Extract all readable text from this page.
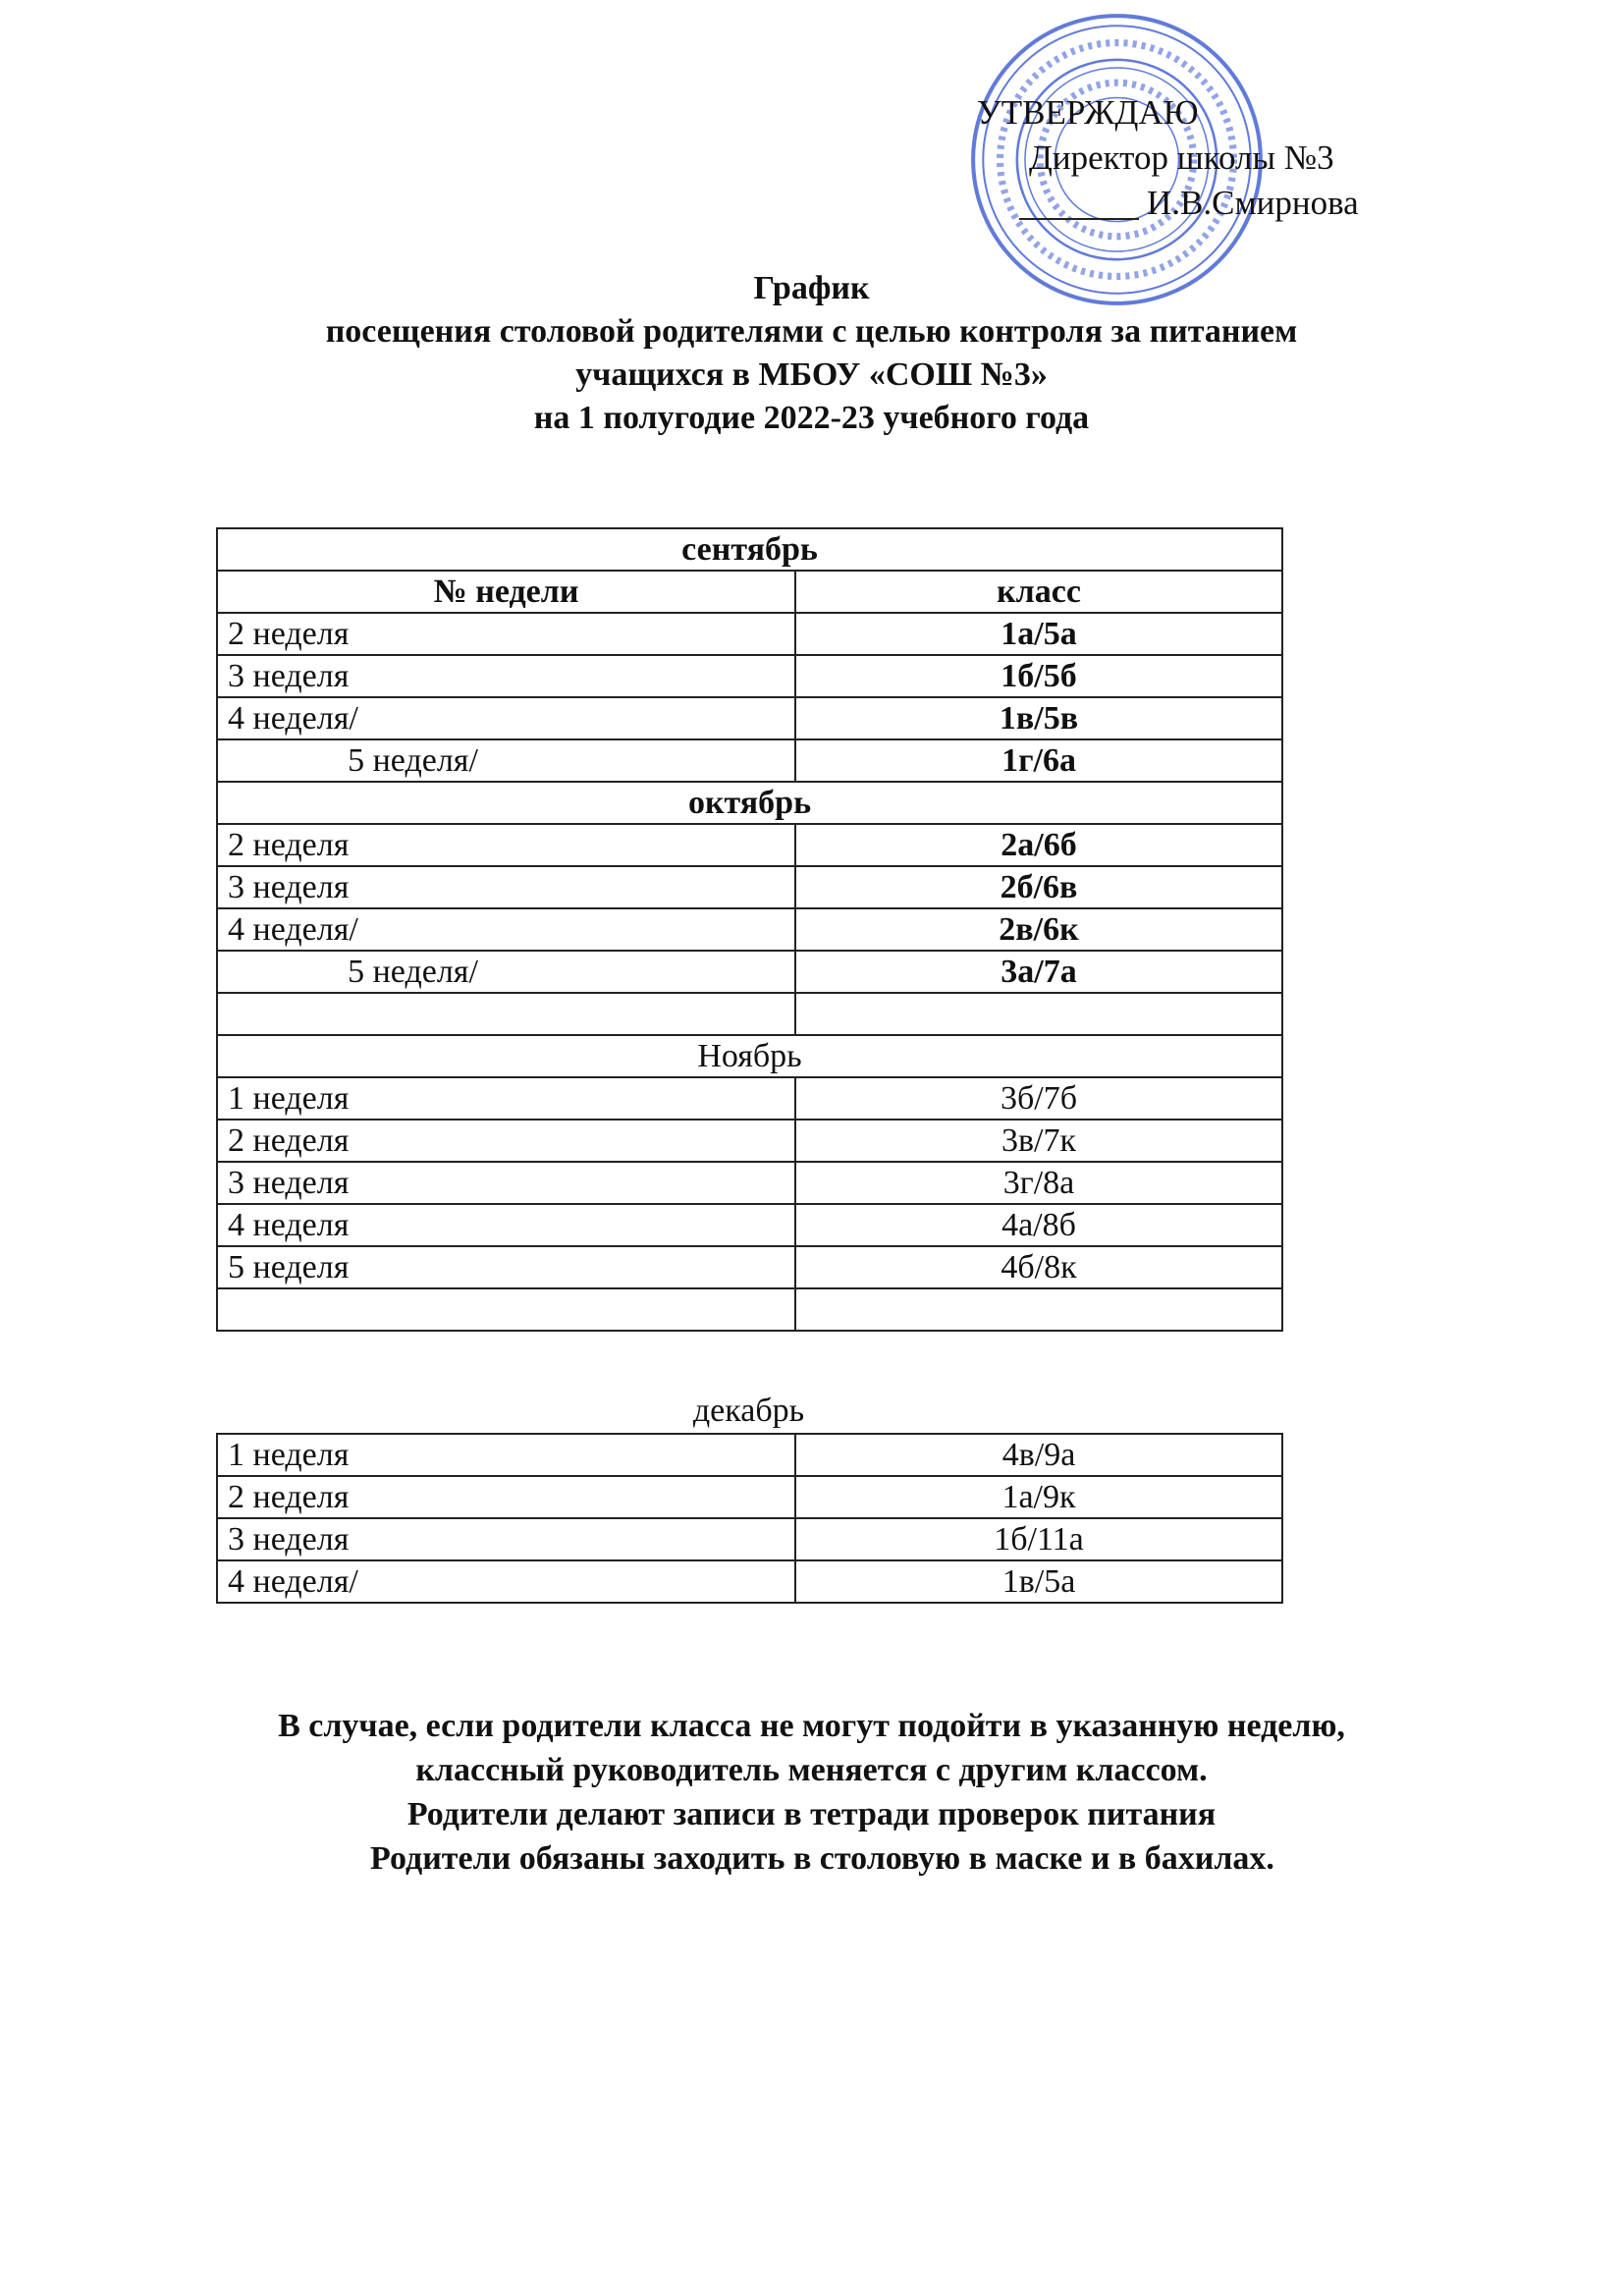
УТВЕРЖДАЮ
Директор школы №3
И.В.Смирнова
График
посещения столовой родителями с целью контроля за питанием
учащихся в МБОУ «СОШ №3»
на 1 полугодие 2022-23 учебного года
сентябрь	
№ недели	класс
2 неделя	1а/5а
3 неделя	1б/5б
4 неделя/	1в/5в
5 неделя/	1г/6а
октябрь	
2 неделя	2а/6б
3 неделя	2б/6в
4 неделя/	2в/6к
5 неделя/	3а/7а

Ноябрь	
1 неделя	3б/7б
2 неделя	3в/7к
3 неделя	3г/8а
4 неделя	4а/8б
5 неделя	4б/8к

декабрь
1 неделя	4в/9а
2 неделя	1а/9к
3 неделя	1б/11а
4 неделя/	1в/5а
В случае, если родители класса не могут подойти в указанную неделю,
классный руководитель меняется с другим классом.
Родители делают записи в тетради проверок питания
Родители обязаны заходить в столовую в маске и в бахилах.
